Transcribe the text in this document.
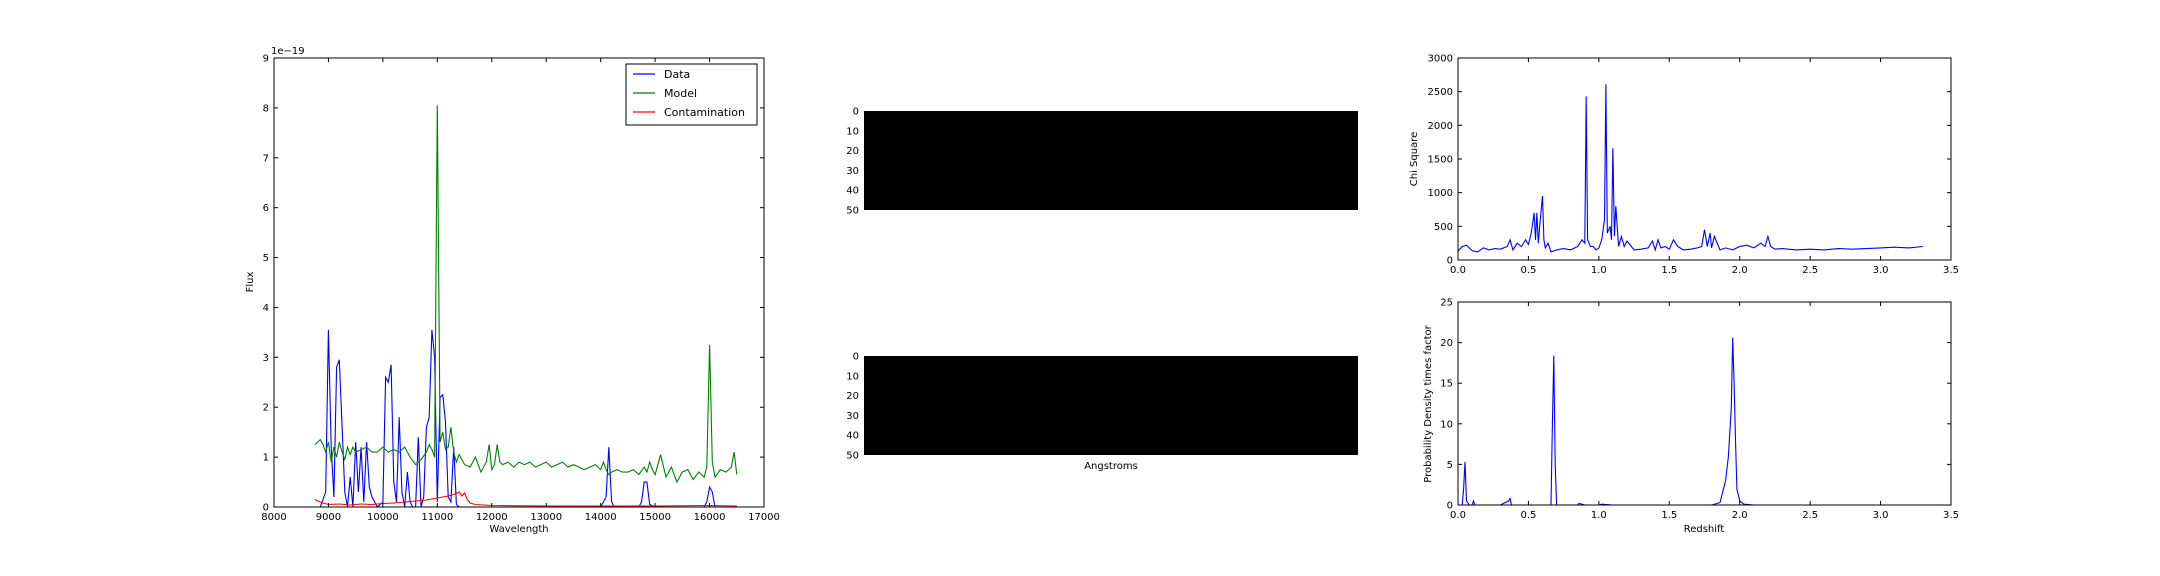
8000	9000	10000 11000 12000 13000 14000 15000 16000 17000
0
1
2
3
4
5
6
7
8
9
1e−19
Wavelength
Flux
Data
Model
Contamination	0
10
20
30
40
50
0
10
20
30
40
50
Angstroms
0.0	0.5	1.0	1.5	2.0	2.5	3.0	3.5
0
500
1000
1500
2000
2500
3000
Chi Square
0.0	0.5	1.0	1.5	2.0	2.5	3.0	3.5
0
5
10
15
20
25
Redshift
Probability Density times factor
